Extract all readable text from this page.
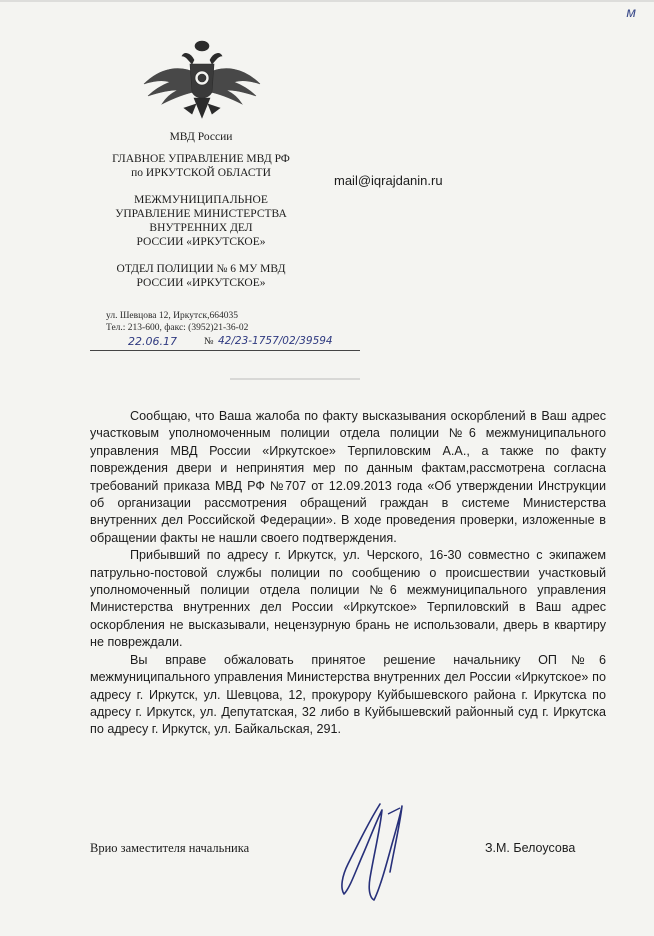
м
МВД России
ГЛАВНОЕ УПРАВЛЕНИЕ МВД РФ
по ИРКУТСКОЙ ОБЛАСТИ
МЕЖМУНИЦИПАЛЬНОЕ
УПРАВЛЕНИЕ МИНИСТЕРСТВА
ВНУТРЕННИХ ДЕЛ
РОССИИ «ИРКУТСКОЕ»
ОТДЕЛ ПОЛИЦИИ № 6 МУ МВД
РОССИИ «ИРКУТСКОЕ»
ул. Шевцова 12, Иркутск,664035
Тел.: 213-600, факс: (3952)21-36-02
22.06.17	№ 42/23-1757/02/39594
mail@iqrajdanin.ru

Сообщаю, что Ваша жалоба по факту высказывания оскорблений в Ваш адрес участковым уполномоченным полиции отдела полиции №6 межмуниципального управления МВД России «Иркутское» Терпиловским А.А., а также по факту повреждения двери и непринятия мер по данным фактам,рассмотрена согласна требований приказа МВД РФ №707 от 12.09.2013 года «Об утверждении Инструкции об организации рассмотрения обращений граждан в системе Министерства внутренних дел Российской Федерации». В ходе проведения проверки, изложенные в обращении факты не нашли своего подтверждения.

Прибывший по адресу г. Иркутск, ул. Черского, 16-30 совместно с экипажем патрульно-постовой службы полиции по сообщению о происшествии участковый уполномоченный полиции отдела полиции №6 межмуниципального управления Министерства внутренних дел России «Иркутское» Терпиловский в Ваш адрес оскорбления не высказывали, нецензурную брань не использовали, дверь в квартиру не повреждали.

Вы вправе обжаловать принятое решение начальнику ОП№6 межмуниципального управления Министерства внутренних дел России «Иркутское» по адресу г. Иркутск, ул. Шевцова, 12, прокурору Куйбышевского района г. Иркутска по адресу г. Иркутск, ул. Депутатская, 32 либо в Куйбышевский районный суд г. Иркутска по адресу г. Иркутск, ул. Байкальская, 291.

Врио заместителя начальника	З.М. Белоусова
